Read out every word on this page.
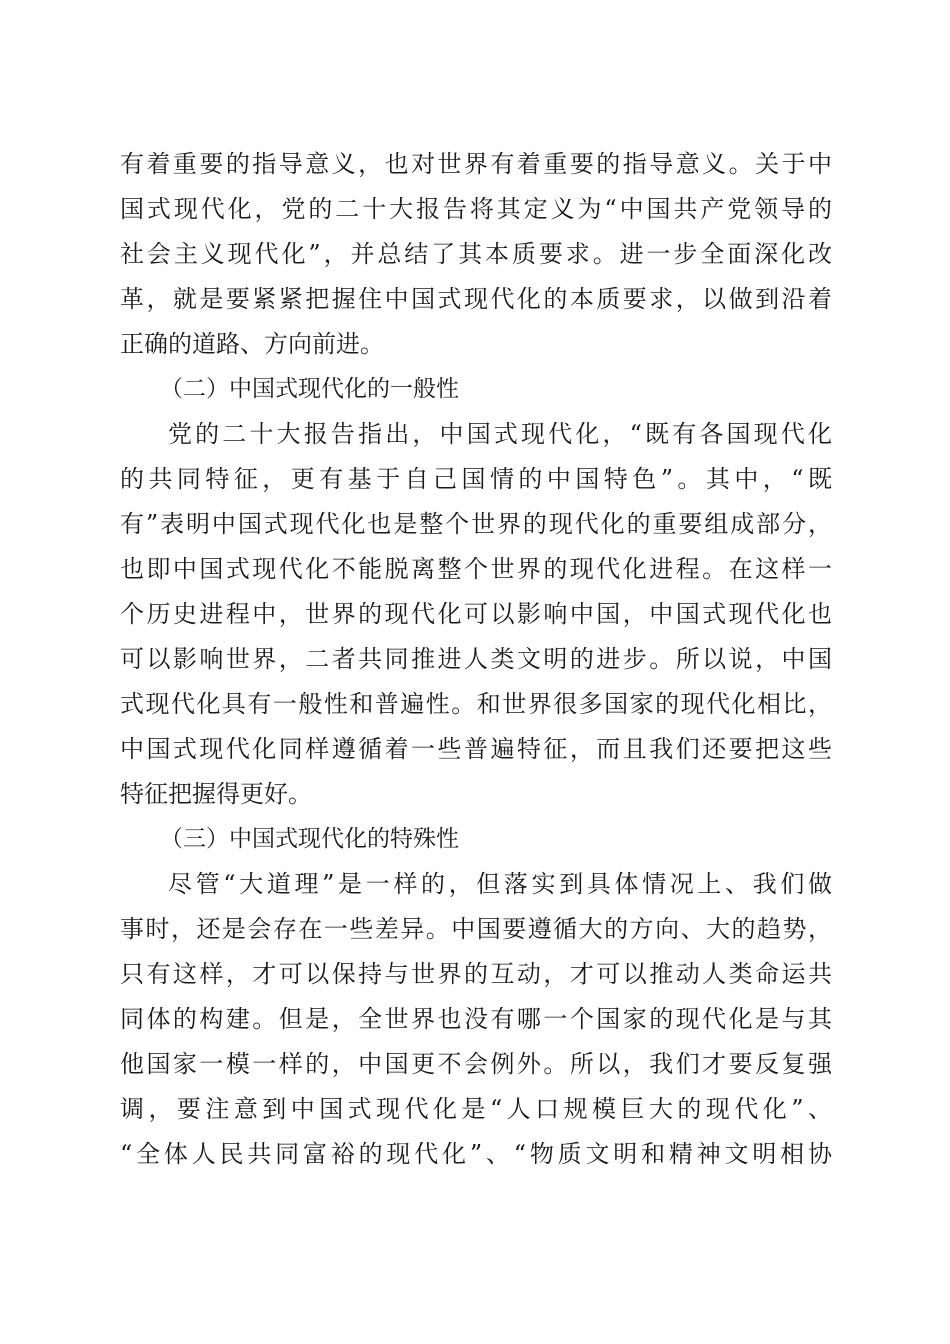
有着重要的指导意义，也对世界有着重要的指导意义。关于中
国式现代化，党的二十大报告将其定义为“中国共产党领导的
社会主义现代化”，并总结了其本质要求。进一步全面深化改
革，就是要紧紧把握住中国式现代化的本质要求，以做到沿着
正确的道路、方向前进。
（二）中国式现代化的一般性
党的二十大报告指出，中国式现代化，“既有各国现代化
的共同特征，更有基于自己国情的中国特色”。其中，“既
有”表明中国式现代化也是整个世界的现代化的重要组成部分，
也即中国式现代化不能脱离整个世界的现代化进程。在这样一
个历史进程中，世界的现代化可以影响中国，中国式现代化也
可以影响世界，二者共同推进人类文明的进步。所以说，中国
式现代化具有一般性和普遍性。和世界很多国家的现代化相比，
中国式现代化同样遵循着一些普遍特征，而且我们还要把这些
特征把握得更好。
（三）中国式现代化的特殊性
尽管“大道理”是一样的，但落实到具体情况上、我们做
事时，还是会存在一些差异。中国要遵循大的方向、大的趋势，
只有这样，才可以保持与世界的互动，才可以推动人类命运共
同体的构建。但是，全世界也没有哪一个国家的现代化是与其
他国家一模一样的，中国更不会例外。所以，我们才要反复强
调，要注意到中国式现代化是“人口规模巨大的现代化”、
“全体人民共同富裕的现代化”、“物质文明和精神文明相协
